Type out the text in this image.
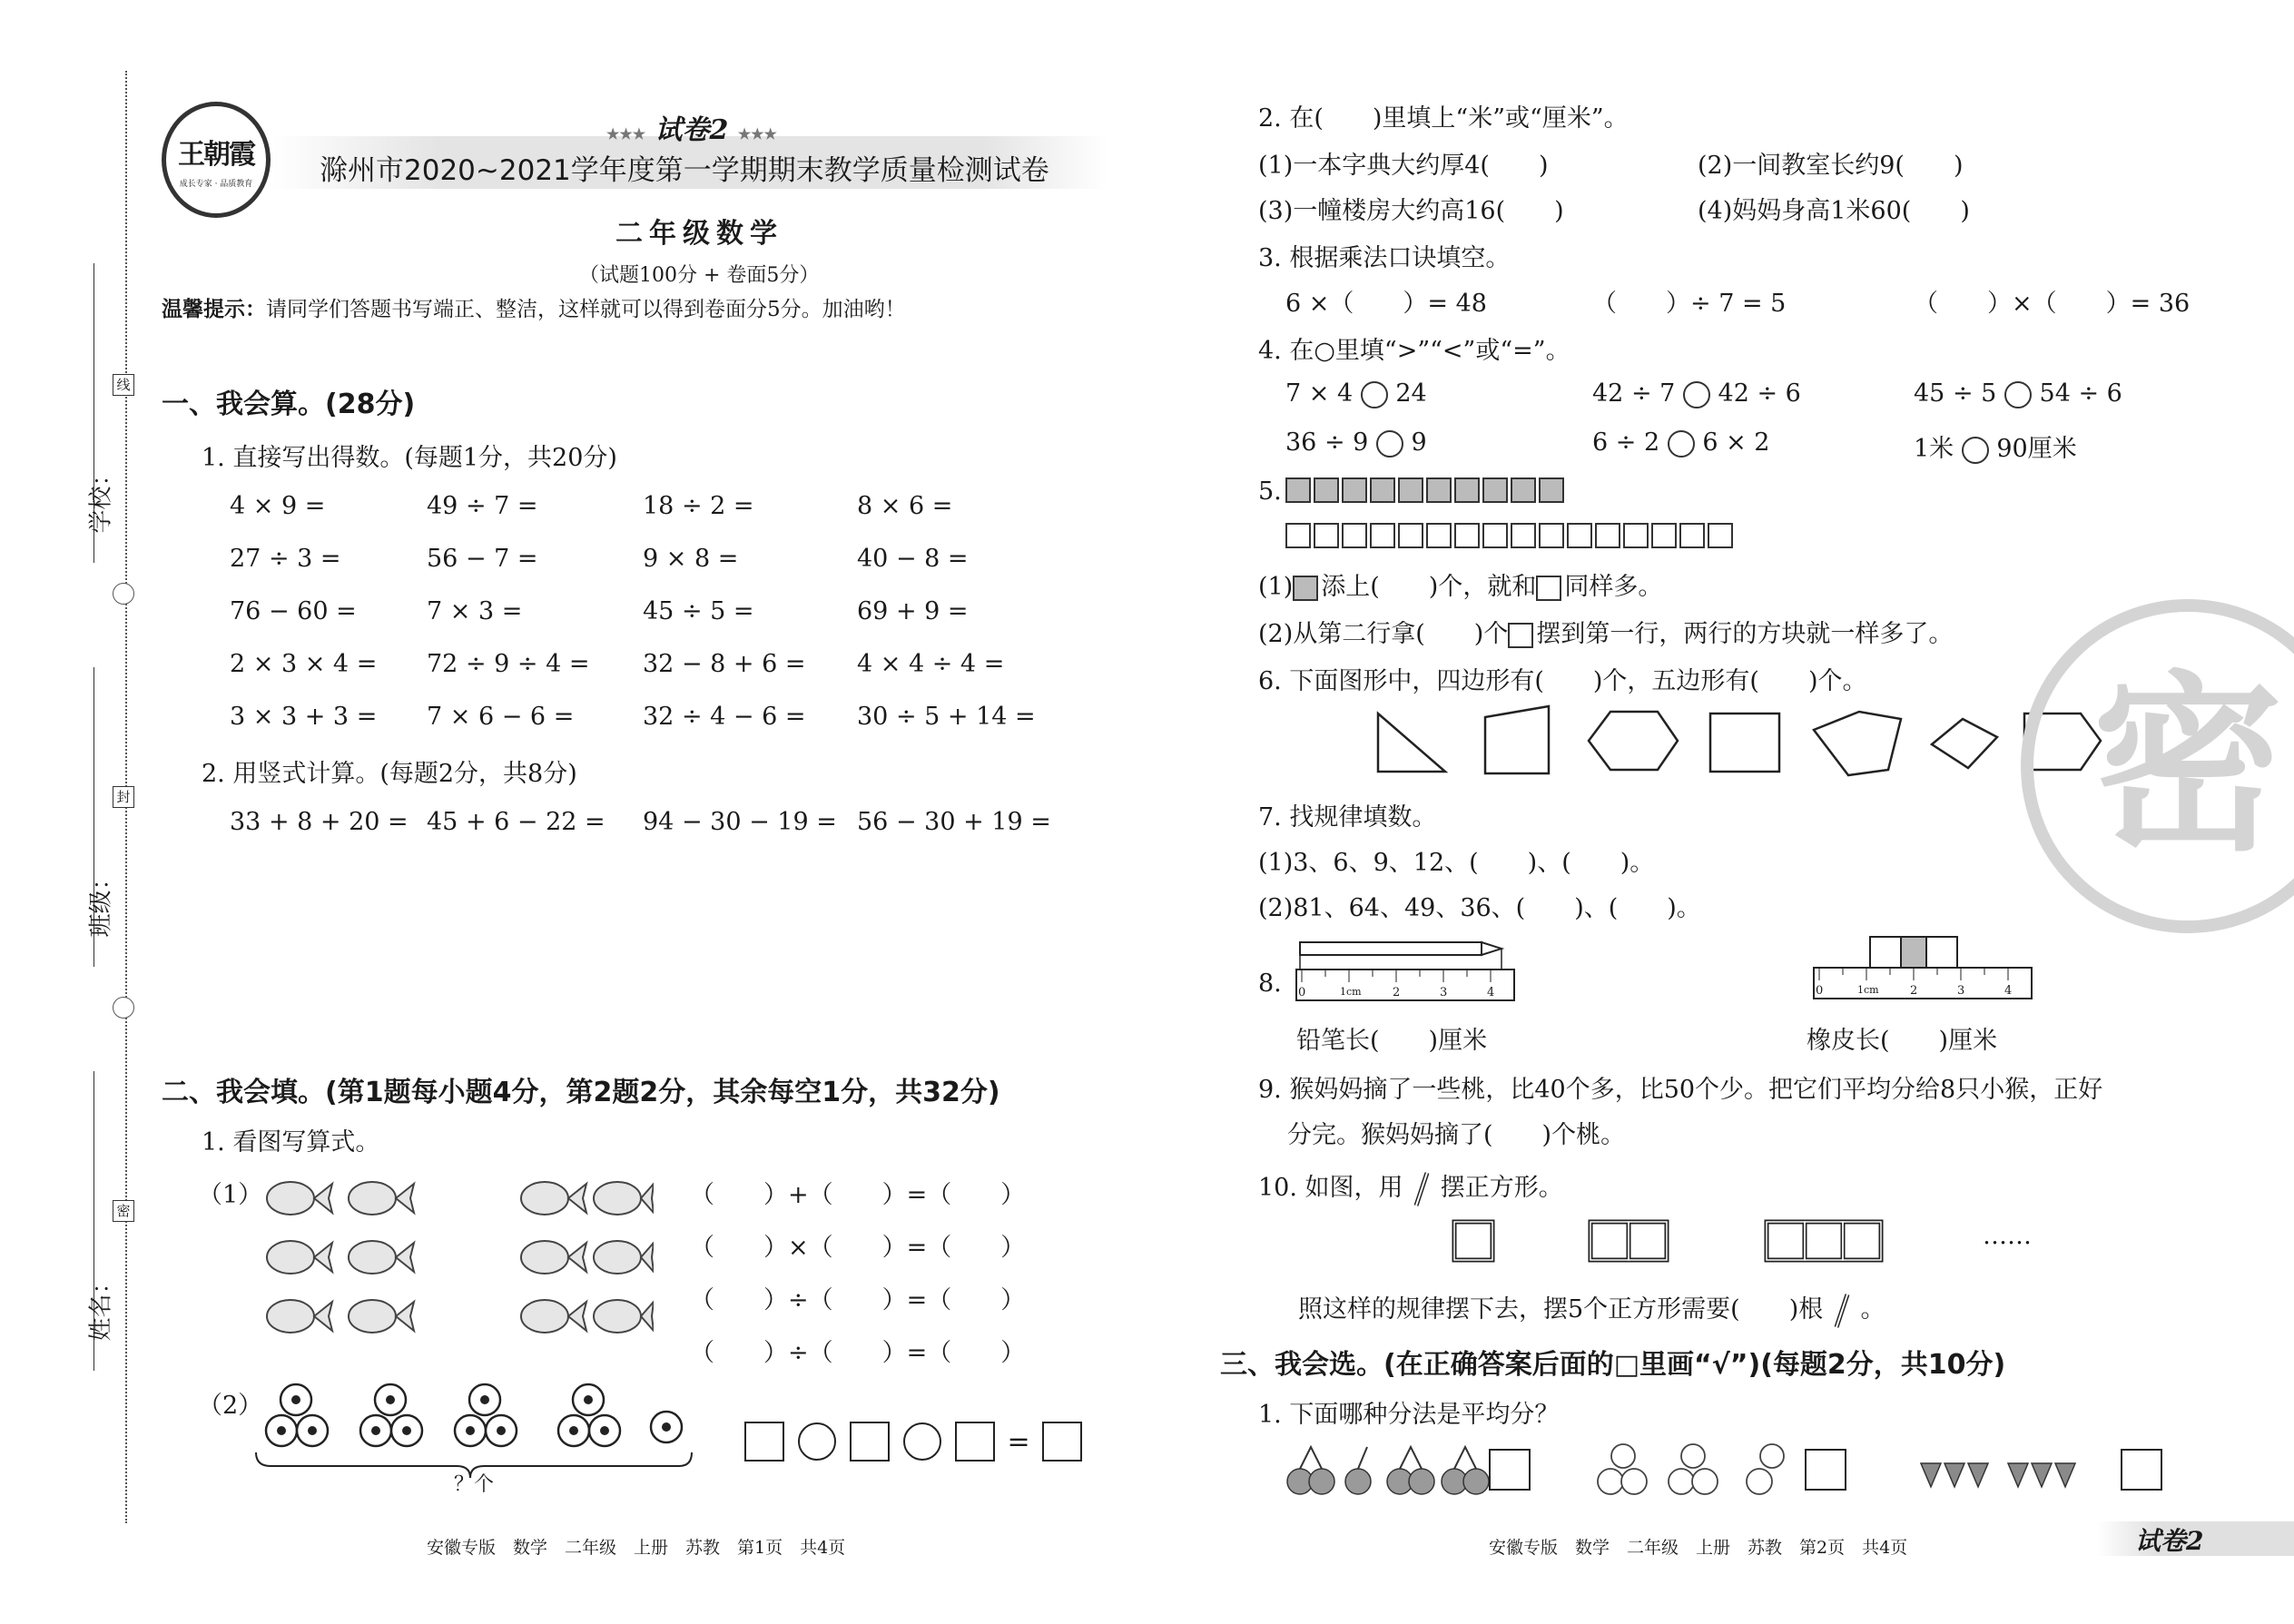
学校：
班级：
姓名：
线
封
密
王朝霞
成长专家 · 品质教育
★★★ 试卷2 ★★★
滁州市2020~2021学年度第一学期期末教学质量检测试卷
二年级数学
（试题100分 + 卷面5分）
温馨提示：请同学们答题书写端正、整洁，这样就可以得到卷面分5分。加油哟！
一、我会算。(28分)
1. 直接写出得数。(每题1分，共20分)
4 × 9 =	49 ÷ 7 =	18 ÷ 2 =	8 × 6 =
27 ÷ 3 =	56 − 7 =	9 × 8 =	40 − 8 =
76 − 60 =	7 × 3 =	45 ÷ 5 =	69 + 9 =
2 × 3 × 4 = 72 ÷ 9 ÷ 4 = 32 − 8 + 6 = 4 × 4 ÷ 4 =
3 × 3 + 3 = 7 × 6 − 6 =	32 ÷ 4 − 6 = 30 ÷ 5 + 14 =
2. 用竖式计算。(每题2分，共8分)
33 + 8 + 20 = 45 + 6 − 22 = 94 − 30 − 19 = 56 − 30 + 19 =
二、我会填。(第1题每小题4分，第2题2分，其余每空1分，共32分)
1. 看图写算式。
（1）	（　　）+（　　）=（　　）
（　　）×（　　）=（　　）
（　　）÷（　　）=（　　）
（　　）÷（　　）=（　　）
（2）
？个
=
安徽专版　数学　二年级　上册　苏教　第1页　共4页
2. 在(　　)里填上“米”或“厘米”。
(1)一本字典大约厚4(　　)	(2)一间教室长约9(　　)
(3)一幢楼房大约高16(　　)	(4)妈妈身高1米60(　　)
3. 根据乘法口诀填空。
6 ×（　　）= 48	（　　）÷ 7 = 5	（　　）×（　　）= 36
4. 在○里填“>”“<”或“=”。
7 × 4 24	42 ÷ 7 42 ÷ 6	45 ÷ 5 54 ÷ 6
36 ÷ 9 9	6 ÷ 2 6 × 2	1米 90厘米
5.
(1) 添上(　　)个，就和 同样多。
(2)从第二行拿(　　)个 摆到第一行，两行的方块就一样多了。
6. 下面图形中，四边形有(　　)个，五边形有(　　)个。
7. 找规律填数。
(1)3、6、9、12、(　　)、(　　)。
(2)81、64、49、36、(　　)、(　　)。
8. 0	1cm	2	3	4	0	1cm	2	3	4
铅笔长(　　)厘米	橡皮长(　　)厘米
9. 猴妈妈摘了一些桃，比40个多，比50个少。把它们平均分给8只小猴，正好
分完。猴妈妈摘了(　　)个桃。
10. 如图，用 摆正方形。
……
照这样的规律摆下去，摆5个正方形需要(　　)根 。
三、我会选。(在正确答案后面的□里画“√”)(每题2分，共10分)
1. 下面哪种分法是平均分？
密
安徽专版　数学　二年级　上册　苏教　第2页　共4页	试卷2
